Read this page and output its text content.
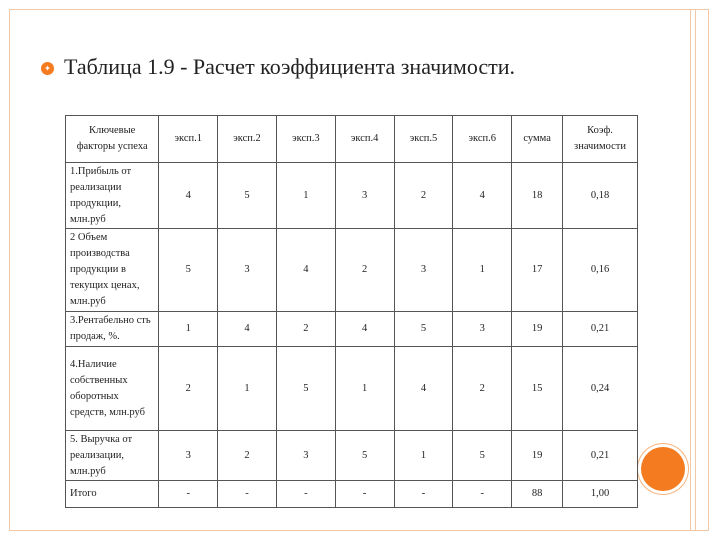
✦ Таблица 1.9 - Расчет коэффициента значимости.
Ключевые факторы успеха	эксп.1	эксп.2	эксп.3	эксп.4	эксп.5	эксп.6	сумма	Коэф. значимости
1.Прибыль от реализации продукции, млн.руб	4	5	1	3	2	4	18	0,18
2 Объем производства продукции в текущих ценах, млн.руб	5	3	4	2	3	1	17	0,16
3.Рентабельно сть продаж, %.	1	4	2	4	5	3	19	0,21
4.Наличие собственных оборотных средств, млн.руб	2	1	5	1	4	2	15	0,24
5. Выручка от реализации, млн.руб	3	2	3	5	1	5	19	0,21
Итого	-	-	-	-	-	-	88	1,00
